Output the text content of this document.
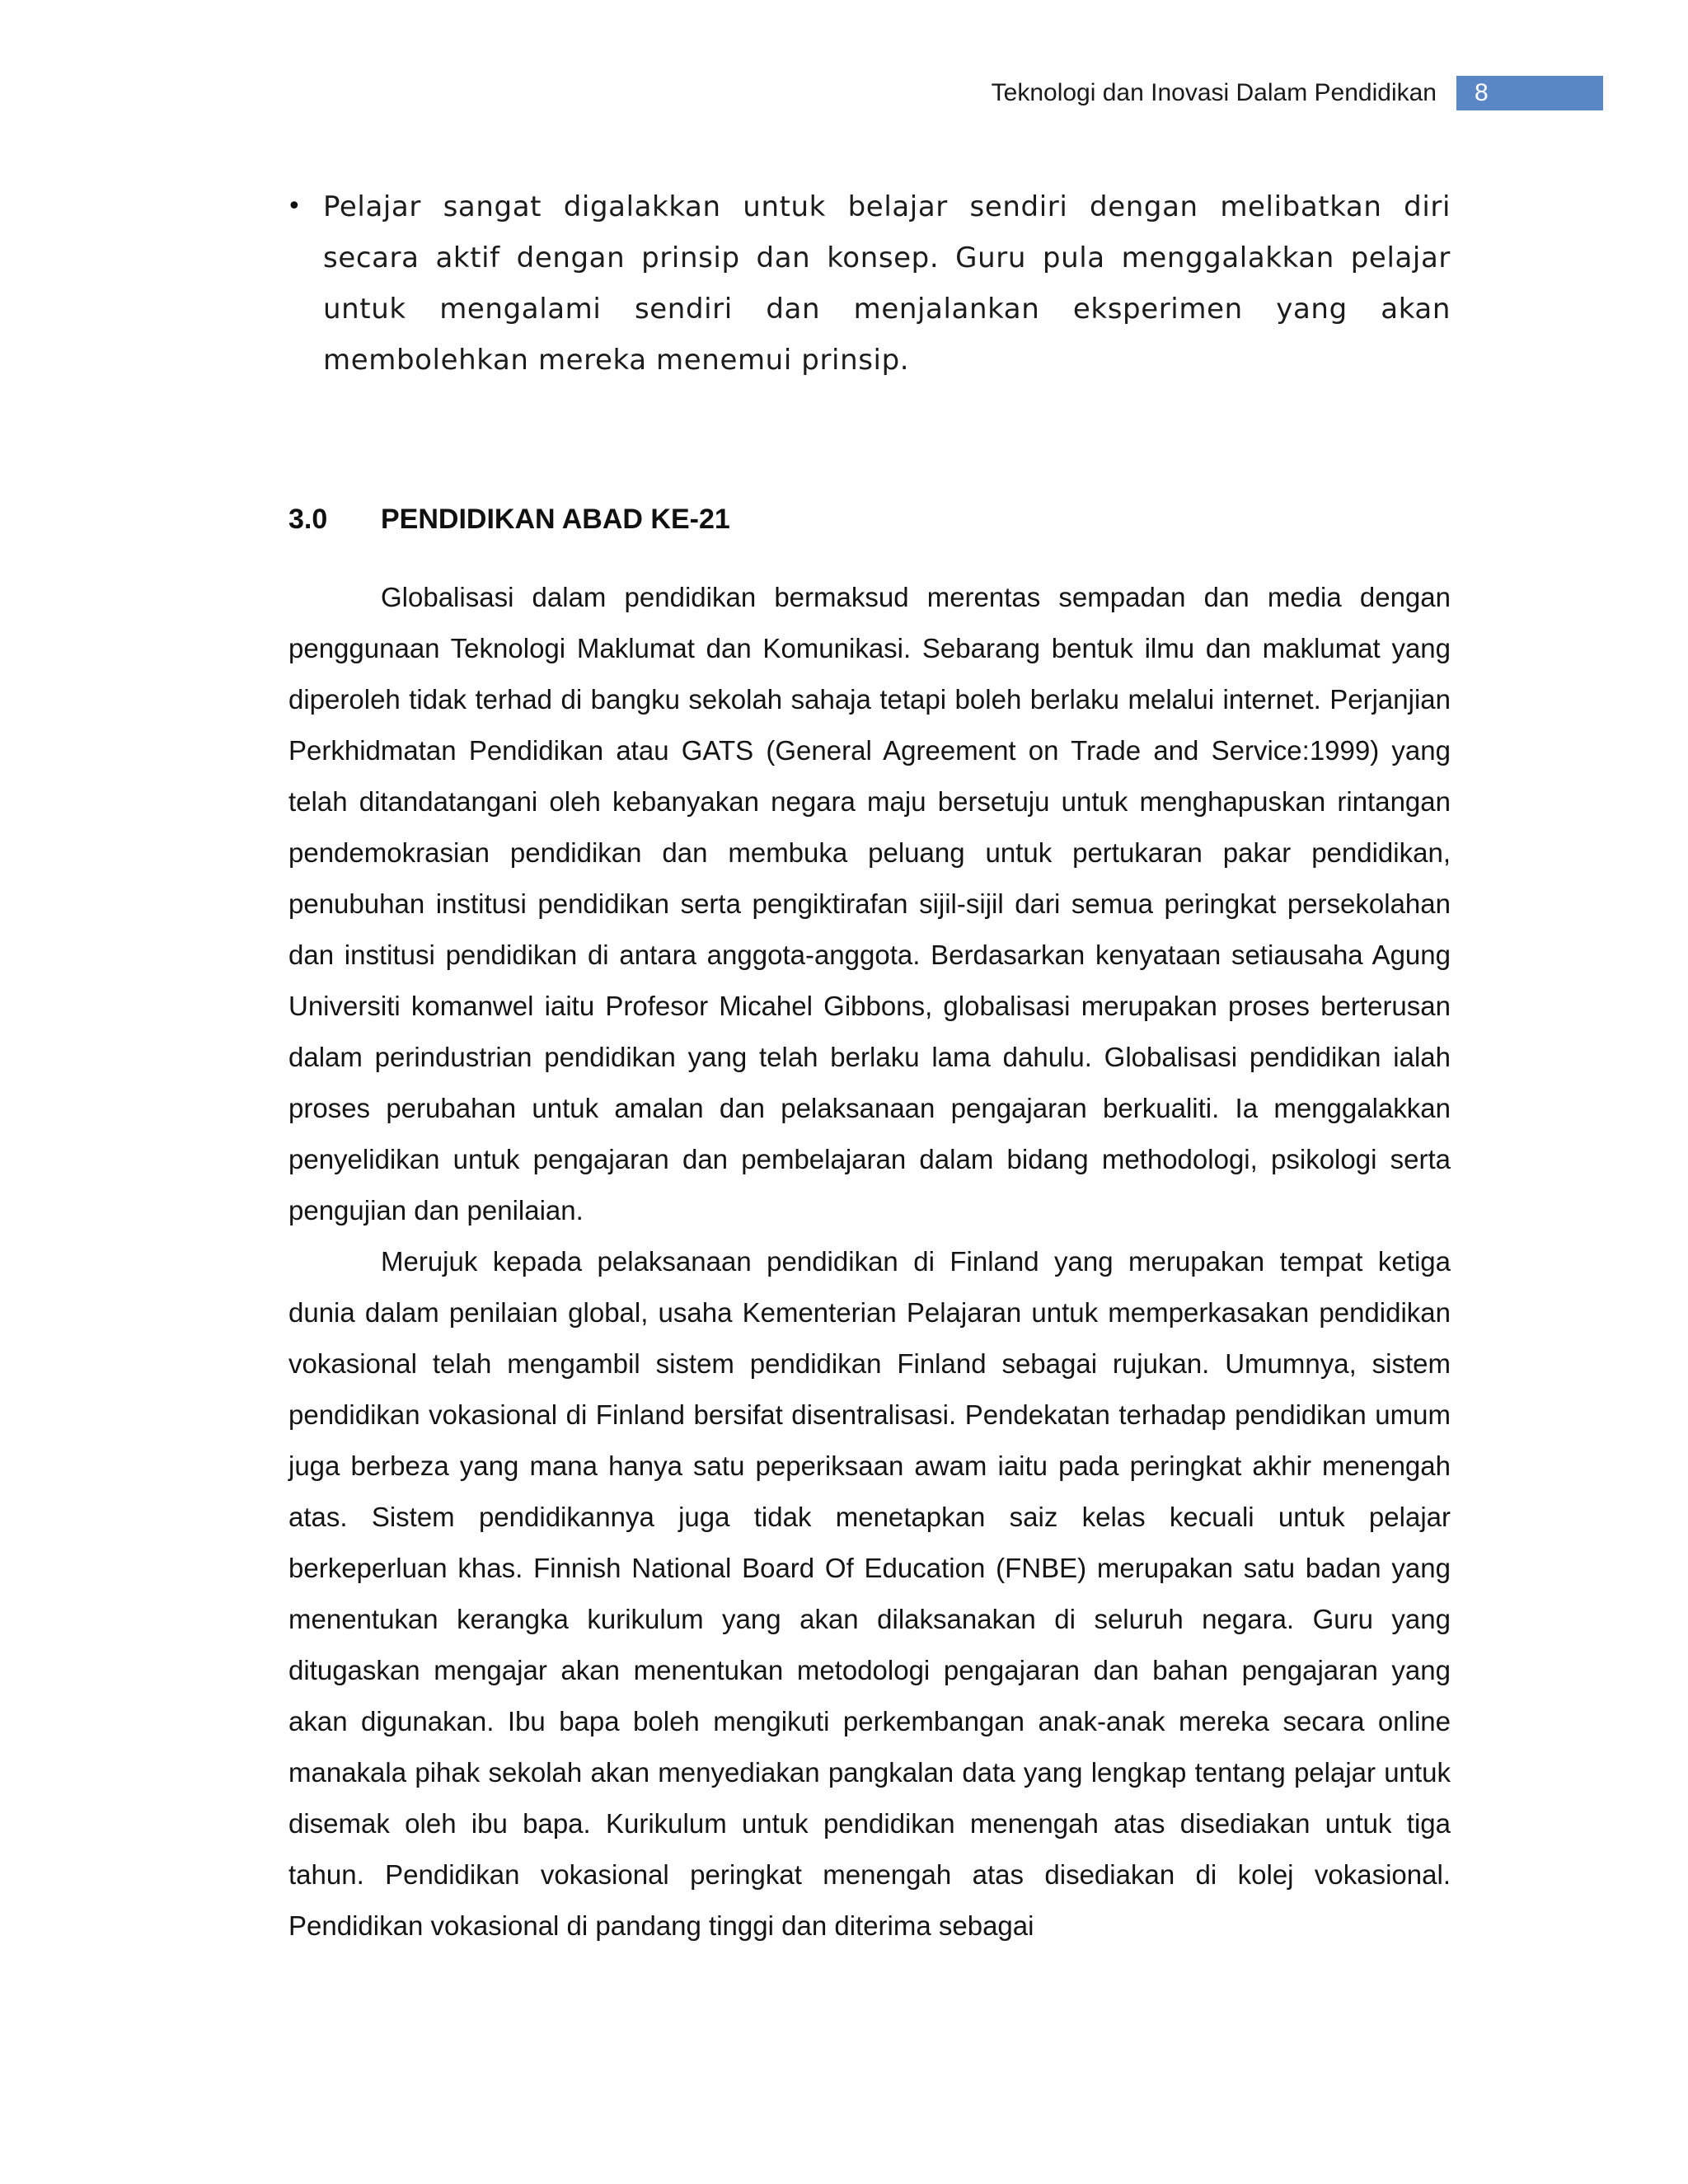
Teknologi dan Inovasi Dalam Pendidikan	8
• Pelajar sangat digalakkan untuk belajar sendiri dengan melibatkan diri secara aktif dengan prinsip dan konsep. Guru pula menggalakkan pelajar untuk mengalami sendiri dan menjalankan eksperimen yang akan membolehkan mereka menemui prinsip.
3.0	PENDIDIKAN ABAD KE-21

Globalisasi dalam pendidikan bermaksud merentas sempadan dan media dengan penggunaan Teknologi Maklumat dan Komunikasi. Sebarang bentuk ilmu dan maklumat yang diperoleh tidak terhad di bangku sekolah sahaja tetapi boleh berlaku melalui internet. Perjanjian Perkhidmatan Pendidikan atau GATS (General Agreement on Trade and Service:1999) yang telah ditandatangani oleh kebanyakan negara maju bersetuju untuk menghapuskan rintangan pendemokrasian pendidikan dan membuka peluang untuk pertukaran pakar pendidikan, penubuhan institusi pendidikan serta pengiktirafan sijil-sijil dari semua peringkat persekolahan dan institusi pendidikan di antara anggota-anggota. Berdasarkan kenyataan setiausaha Agung Universiti komanwel iaitu Profesor Micahel Gibbons, globalisasi merupakan proses berterusan dalam perindustrian pendidikan yang telah berlaku lama dahulu. Globalisasi pendidikan ialah proses perubahan untuk amalan dan pelaksanaan pengajaran berkualiti. Ia menggalakkan penyelidikan untuk pengajaran dan pembelajaran dalam bidang methodologi, psikologi serta pengujian dan penilaian.

Merujuk kepada pelaksanaan pendidikan di Finland yang merupakan tempat ketiga dunia dalam penilaian global, usaha Kementerian Pelajaran untuk memperkasakan pendidikan vokasional telah mengambil sistem pendidikan Finland sebagai rujukan. Umumnya, sistem pendidikan vokasional di Finland bersifat disentralisasi. Pendekatan terhadap pendidikan umum juga berbeza yang mana hanya satu peperiksaan awam iaitu pada peringkat akhir menengah atas. Sistem pendidikannya juga tidak menetapkan saiz kelas kecuali untuk pelajar berkeperluan khas. Finnish National Board Of Education (FNBE) merupakan satu badan yang menentukan kerangka kurikulum yang akan dilaksanakan di seluruh negara. Guru yang ditugaskan mengajar akan menentukan metodologi pengajaran dan bahan pengajaran yang akan digunakan. Ibu bapa boleh mengikuti perkembangan anak-anak mereka secara online manakala pihak sekolah akan menyediakan pangkalan data yang lengkap tentang pelajar untuk disemak oleh ibu bapa. Kurikulum untuk pendidikan menengah atas disediakan untuk tiga tahun. Pendidikan vokasional peringkat menengah atas disediakan di kolej vokasional. Pendidikan vokasional di pandang tinggi dan diterima sebagai
